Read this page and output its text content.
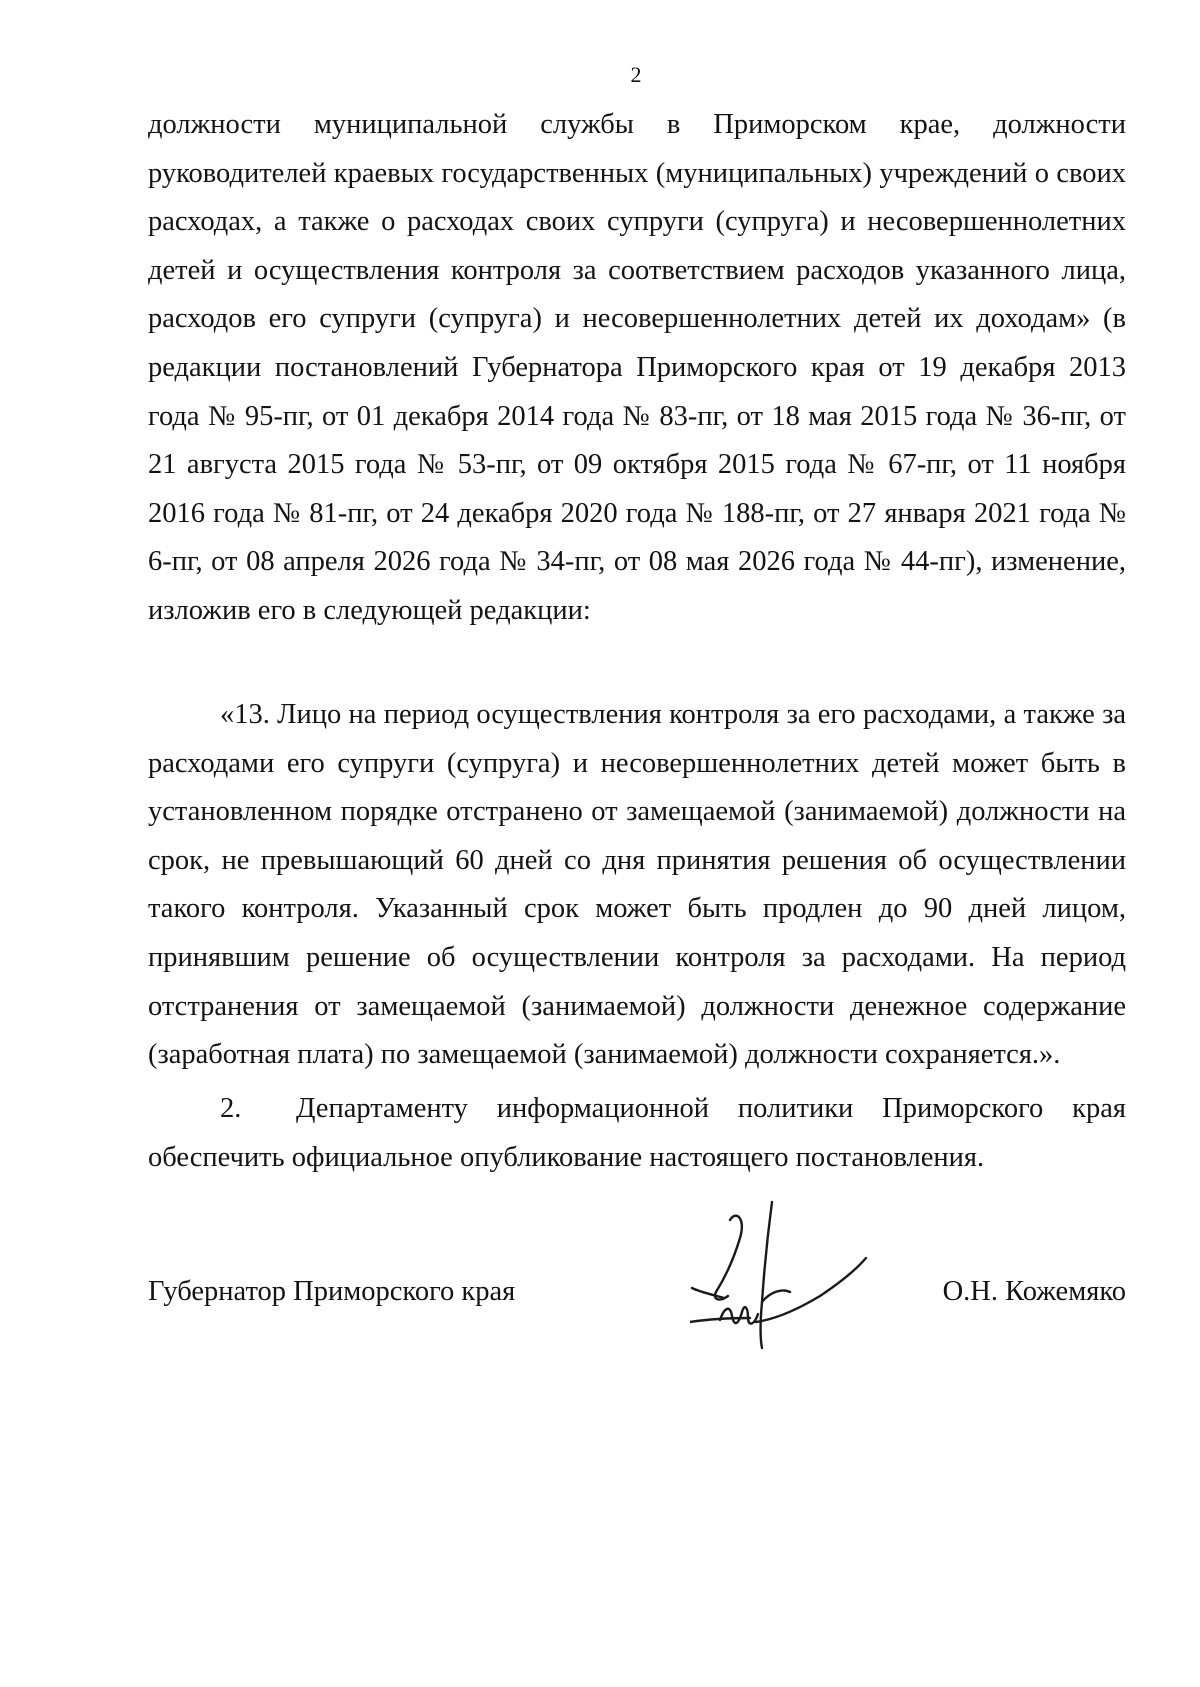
2
должности муниципальной службы в Приморском крае, должности руководителей краевых государственных (муниципальных) учреждений о своих расходах, а также о расходах своих супруги (супруга) и несовершеннолетних детей и осуществления контроля за соответствием расходов указанного лица, расходов его супруги (супруга) и несовершеннолетних детей их доходам» (в редакции постановлений Губернатора Приморского края от 19 декабря 2013 года № 95-пг, от 01 декабря 2014 года № 83-пг, от 18 мая 2015 года № 36-пг, от 21 августа 2015 года № 53-пг, от 09 октября 2015 года № 67-пг, от 11 ноября 2016 года № 81-пг, от 24 декабря 2020 года № 188-пг, от 27 января 2021 года № 6-пг, от 08 апреля 2026 года № 34-пг, от 08 мая 2026 года № 44-пг), изменение, изложив его в следующей редакции:
«13. Лицо на период осуществления контроля за его расходами, а также за расходами его супруги (супруга) и несовершеннолетних детей может быть в установленном порядке отстранено от замещаемой (занимаемой) должности на срок, не превышающий 60 дней со дня принятия решения об осуществлении такого контроля. Указанный срок может быть продлен до 90 дней лицом, принявшим решение об осуществлении контроля за расходами. На период отстранения от замещаемой (занимаемой) должности денежное содержание (заработная плата) по замещаемой (занимаемой) должности сохраняется.».
2. Департаменту информационной политики Приморского края
обеспечить официальное опубликование настоящего постановления.
Губернатор Приморского края	О.Н. Кожемяко
